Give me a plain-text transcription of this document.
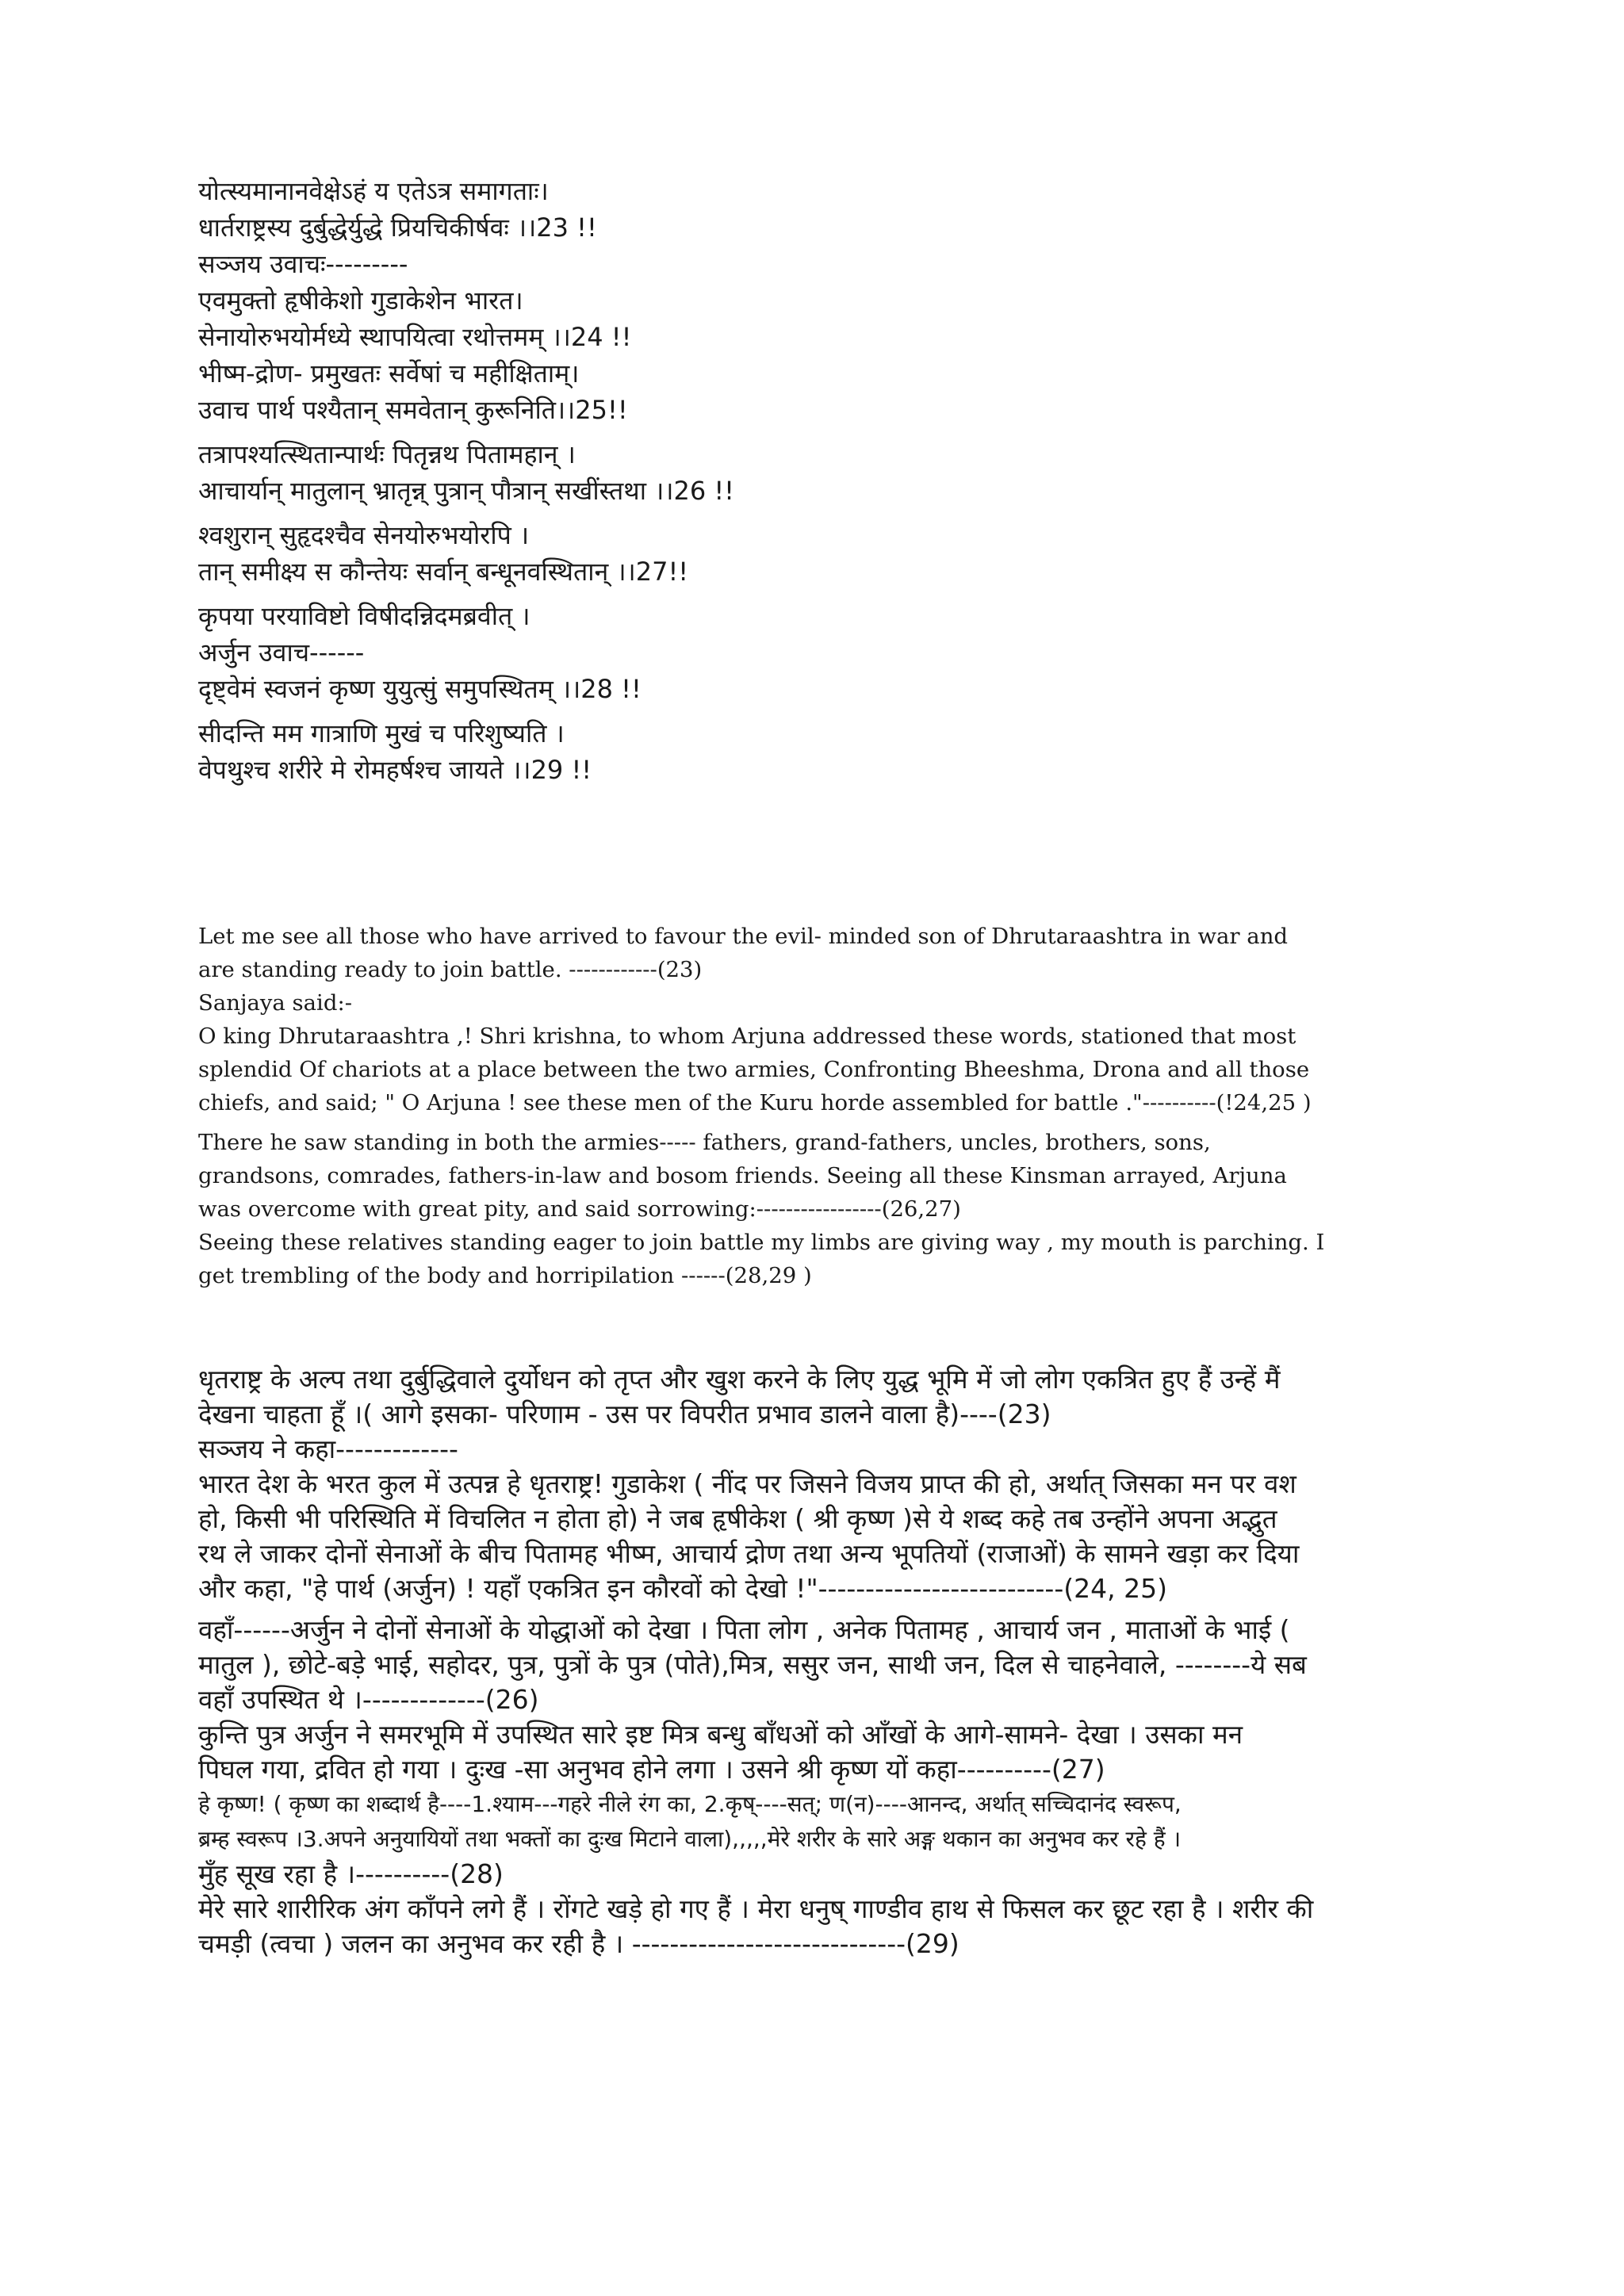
योत्स्यमानानवेक्षेऽहं य एतेऽत्र समागताः।
धार्तराष्ट्रस्य दुर्बुद्धेर्युद्धे प्रियचिकीर्षवः ।।23 !!
सञ्जय उवाचः---------
एवमुक्तो हृषीकेशो गुडाकेशेन भारत।
सेनायोरुभयोर्मध्ये स्थापयित्वा रथोत्तमम् ।।24 !!
भीष्म-द्रोण- प्रमुखतः सर्वेषां च महीक्षिताम्।
उवाच पार्थ पश्यैतान् समवेतान् कुरूनिति।।25!!
तत्रापश्यत्स्थितान्पार्थः पितृन्नथ पितामहान् ।
आचार्यान् मातुलान् भ्रातृन्न् पुत्रान् पौत्रान् सखींस्तथा ।।26 !!
श्वशुरान् सुहृदश्चैव सेनयोरुभयोरपि ।
तान् समीक्ष्य स कौन्तेयः सर्वान् बन्धूनवस्थितान् ।।27!!
कृपया परयाविष्टो विषीदन्निदमब्रवीत् ।
अर्जुन उवाच------
दृष्ट्वेमं स्वजनं कृष्ण युयुत्सुं समुपस्थितम् ।।28 !!
सीदन्ति मम गात्राणि मुखं च परिशुष्यति ।
वेपथुश्च शरीरे मे रोमहर्षश्च जायते ।।29 !!
Let me see all those who have arrived to favour the evil- minded son of Dhrutaraashtra in war and
are standing ready to join battle. ------------(23)
Sanjaya said:-
O king Dhrutaraashtra ,! Shri krishna, to whom Arjuna addressed these words, stationed that most
splendid Of chariots at a place between the two armies, Confronting Bheeshma, Drona and all those
chiefs, and said; " O Arjuna ! see these men of the Kuru horde assembled for battle ."----------(!24,25 )
There he saw standing in both the armies----- fathers, grand-fathers, uncles, brothers, sons,
grandsons, comrades, fathers-in-law and bosom friends. Seeing all these Kinsman arrayed, Arjuna
was overcome with great pity, and said sorrowing:-----------------(26,27)
Seeing these relatives standing eager to join battle my limbs are giving way , my mouth is parching. I
get trembling of the body and horripilation ------(28,29 )
धृतराष्ट्र के अल्प तथा दुर्बुद्धिवाले दुर्योधन को तृप्त और खुश करने के लिए युद्ध भूमि में जो लोग एकत्रित हुए हैं उन्हें मैं
देखना चाहता हूँ ।( आगे इसका- परिणाम - उस पर विपरीत प्रभाव डालने वाला है)----(23)
सञ्जय ने कहा-------------
भारत देश के भरत कुल में उत्पन्न हे धृतराष्ट्र! गुडाकेश ( नींद पर जिसने विजय प्राप्त की हो, अर्थात् जिसका मन पर वश
हो, किसी भी परिस्थिति में विचलित न होता हो) ने जब हृषीकेश ( श्री कृष्ण )से ये शब्द कहे तब उन्होंने अपना अद्भुत
रथ ले जाकर दोनों सेनाओं के बीच पितामह भीष्म, आचार्य द्रोण तथा अन्य भूपतियों (राजाओं) के सामने खड़ा कर दिया
और कहा, "हे पार्थ (अर्जुन) ! यहाँ एकत्रित इन कौरवों को देखो !"--------------------------(24, 25)
वहाँ------अर्जुन ने दोनों सेनाओं के योद्धाओं को देखा । पिता लोग , अनेक पितामह , आचार्य जन , माताओं के भाई (
मातुल ), छोटे-बड़े भाई, सहोदर, पुत्र, पुत्रों के पुत्र (पोते),मित्र, ससुर जन, साथी जन, दिल से चाहनेवाले, --------ये सब
वहाँ उपस्थित थे ।-------------(26)
कुन्ति पुत्र अर्जुन ने समरभूमि में उपस्थित सारे इष्ट मित्र बन्धु बाँधओं को आँखों के आगे-सामने- देखा । उसका मन
पिघल गया, द्रवित हो गया । दुःख -सा अनुभव होने लगा । उसने श्री कृष्ण यों कहा----------(27)
हे कृष्ण! ( कृष्ण का शब्दार्थ है----1.श्याम---गहरे नीले रंग का, 2.कृष्----सत्; ण(न)----आनन्द, अर्थात् सच्चिदानंद स्वरूप,
ब्रम्ह स्वरूप ।3.अपने अनुयायियों तथा भक्तों का दुःख मिटाने वाला),,,,,मेरे शरीर के सारे अङ्ग थकान का अनुभव कर रहे हैं ।
मुँह सूख रहा है ।----------(28)
मेरे सारे शारीरिक अंग काँपने लगे हैं । रोंगटे खड़े हो गए हैं । मेरा धनुष् गाण्डीव हाथ से फिसल कर छूट रहा है । शरीर की
चमड़ी (त्वचा ) जलन का अनुभव कर रही है । -----------------------------(29)
